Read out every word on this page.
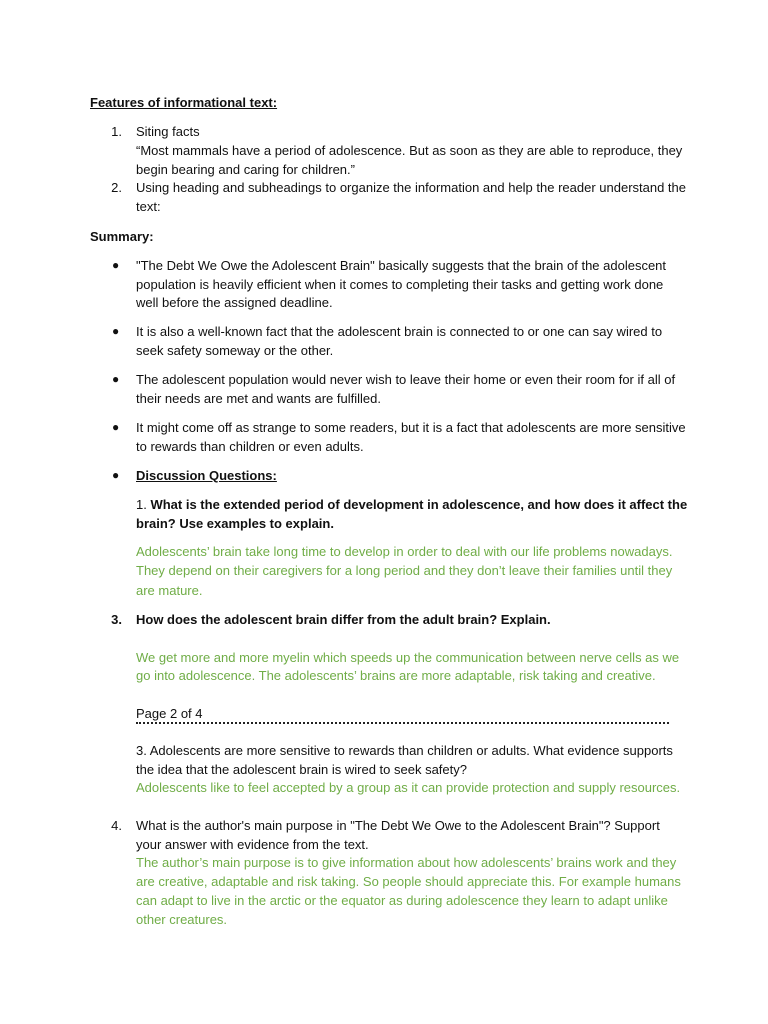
Features of informational text:
1. Siting facts
“Most mammals have a period of adolescence. But as soon as they are able to reproduce, they
begin bearing and caring for children.”
2. Using heading and subheadings to organize the information and help the reader understand the
text:
Summary:
● "The Debt We Owe the Adolescent Brain" basically suggests that the brain of the adolescent
population is heavily efficient when it comes to completing their tasks and getting work done
well before the assigned deadline.
● It is also a well-known fact that the adolescent brain is connected to or one can say wired to
seek safety someway or the other.
● The adolescent population would never wish to leave their home or even their room for if all of
their needs are met and wants are fulfilled.
● It might come off as strange to some readers, but it is a fact that adolescents are more sensitive
to rewards than children or even adults.
● Discussion Questions:
1. What is the extended period of development in adolescence, and how does it affect the
brain? Use examples to explain.
Adolescents’ brain take long time to develop in order to deal with our life problems nowadays.
They depend on their caregivers for a long period and they don’t leave their families until they
are mature.
3. How does the adolescent brain differ from the adult brain? Explain.
We get more and more myelin which speeds up the communication between nerve cells as we
go into adolescence. The adolescents’ brains are more adaptable, risk taking and creative.
Page 2 of 4
3. Adolescents are more sensitive to rewards than children or adults. What evidence supports
the idea that the adolescent brain is wired to seek safety?
Adolescents like to feel accepted by a group as it can provide protection and supply resources.
4. What is the author's main purpose in "The Debt We Owe to the Adolescent Brain"? Support
your answer with evidence from the text.
The author’s main purpose is to give information about how adolescents’ brains work and they
are creative, adaptable and risk taking. So people should appreciate this. For example humans
can adapt to live in the arctic or the equator as during adolescence they learn to adapt unlike
other creatures.
